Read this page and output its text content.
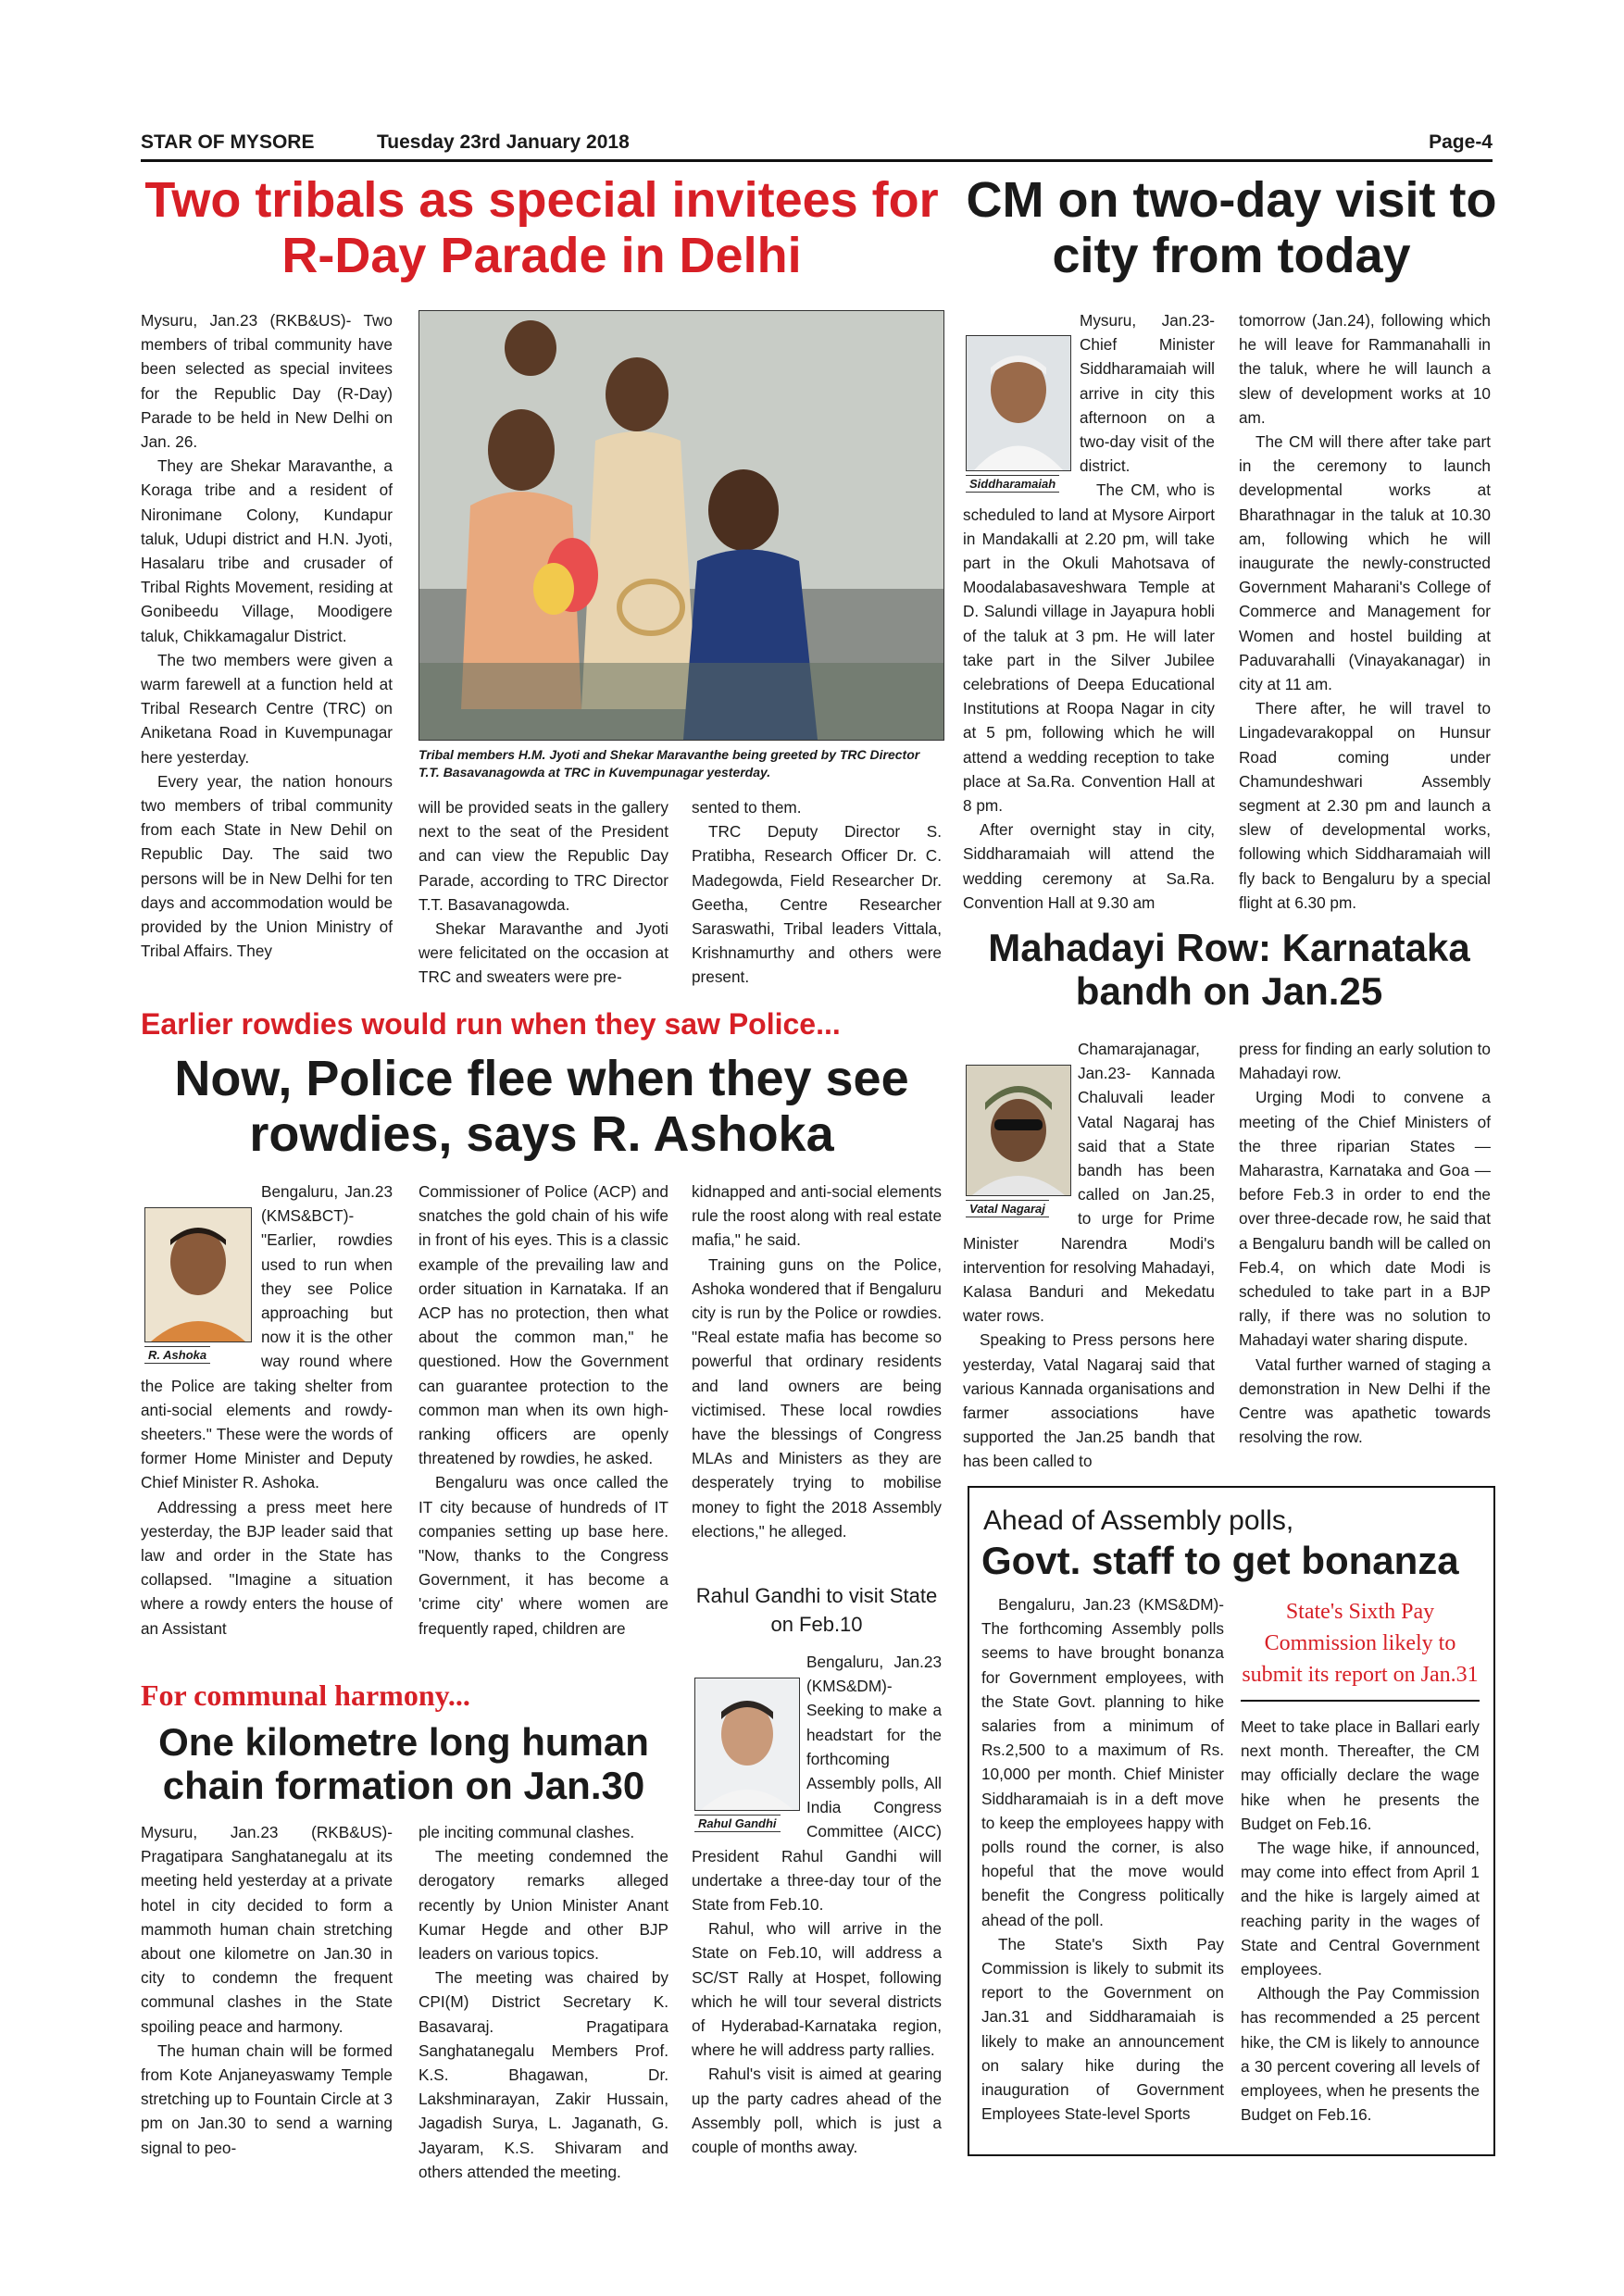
STAR OF MYSORE	Tuesday 23rd January 2018	Page-4
Two tribals as special invitees for R-Day Parade in Delhi

Mysuru, Jan.23 (RKB&US)- Two members of tribal community have been selected as special invitees for the Republic Day (R-Day) Parade to be held in New Delhi on Jan. 26.

They are Shekar Maravanthe, a Koraga tribe and a resident of Nironimane Colony, Kundapur taluk, Udupi district and H.N. Jyoti, Hasalaru tribe and crusader of Tribal Rights Movement, residing at Gonibeedu Village, Moodigere taluk, Chikkamagalur District.

The two members were given a warm farewell at a function held at Tribal Research Centre (TRC) on Aniketana Road in Kuvempunagar here yesterday.

Every year, the nation honours two members of tribal community from each State in New Dehil on Republic Day. The said two persons will be in New Delhi for ten days and accommodation would be provided by the Union Ministry of Tribal Affairs. They

Tribal members H.M. Jyoti and Shekar Maravanthe being greeted by TRC Director T.T. Basavanagowda at TRC in Kuvempunagar yesterday.

will be provided seats in the gallery next to the seat of the President and can view the Republic Day Parade, according to TRC Director T.T. Basavanagowda.

Shekar Maravanthe and Jyoti were felicitated on the occasion at TRC and sweaters were pre-

sented to them.

TRC Deputy Director S. Pratibha, Research Officer Dr. C. Madegowda, Field Researcher Dr. Geetha, Centre Researcher Saraswathi, Tribal leaders Vittala, Krishnamurthy and others were present.

CM on two-day visit to city from today
Siddharamaiah

Mysuru, Jan.23- Chief Minister Siddharamaiah will arrive in city this afternoon on a two-day visit of the district.

The CM, who is scheduled to land at Mysore Airport in Mandakalli at 2.20 pm, will take part in the Okuli Mahotsava of Moodalabasaveshwara Temple at D. Salundi village in Jayapura hobli of the taluk at 3 pm. He will later take part in the Silver Jubilee celebrations of Deepa Educational Institutions at Roopa Nagar in city at 5 pm, following which he will attend a wedding reception to take place at Sa.Ra. Convention Hall at 8 pm.

After overnight stay in city, Siddharamaiah will attend the wedding ceremony at Sa.Ra. Convention Hall at 9.30 am

tomorrow (Jan.24), following which he will leave for Rammanahalli in the taluk, where he will launch a slew of development works at 10 am.

The CM will there after take part in the ceremony to launch developmental works at Bharathnagar in the taluk at 10.30 am, following which he will inaugurate the newly-constructed Government Maharani's College of Commerce and Management for Women and hostel building at Paduvarahalli (Vinayakanagar) in city at 11 am.

There after, he will travel to Lingadevarakoppal on Hunsur Road coming under Chamundeshwari Assembly segment at 2.30 pm and launch a slew of developmental works, following which Siddharamaiah will fly back to Bengaluru by a special flight at 6.30 pm.

Mahadayi Row: Karnataka bandh on Jan.25
Vatal Nagaraj

Chamarajanagar, Jan.23- Kannada Chaluvali leader Vatal Nagaraj has said that a State bandh has been called on Jan.25, to urge for Prime Minister Narendra Modi's intervention for resolving Mahadayi, Kalasa Banduri and Mekedatu water rows.

Speaking to Press persons here yesterday, Vatal Nagaraj said that various Kannada organisations and farmer associations have supported the Jan.25 bandh that has been called to

press for finding an early solution to Mahadayi row.

Urging Modi to convene a meeting of the Chief Ministers of the three riparian States — Maharastra, Karnataka and Goa — before Feb.3 in order to end the over three-decade row, he said that a Bengaluru bandh will be called on Feb.4, on which date Modi is scheduled to take part in a BJP rally, if there was no solution to Mahadayi water sharing dispute.

Vatal further warned of staging a demonstration in New Delhi if the Centre was apathetic towards resolving the row.

Earlier rowdies would run when they saw Police...
Now, Police flee when they see rowdies, says R. Ashoka
R. Ashoka

Bengaluru, Jan.23 (KMS&BCT)- "Earlier, rowdies used to run when they see Police approaching but now it is the other way round where the Police are taking shelter from anti-social elements and rowdy-sheeters." These were the words of former Home Minister and Deputy Chief Minister R. Ashoka.

Addressing a press meet here yesterday, the BJP leader said that law and order in the State has collapsed. "Imagine a situation where a rowdy enters the house of an Assistant

Commissioner of Police (ACP) and snatches the gold chain of his wife in front of his eyes. This is a classic example of the prevailing law and order situation in Karnataka. If an ACP has no protection, then what about the common man," he questioned. How the Government can guarantee protection to the common man when its own high-ranking officers are openly threatened by rowdies, he asked.

Bengaluru was once called the IT city because of hundreds of IT companies setting up base here. "Now, thanks to the Congress Government, it has become a 'crime city' where women are frequently raped, children are

kidnapped and anti-social elements rule the roost along with real estate mafia," he said.

Training guns on the Police, Ashoka wondered that if Bengaluru city is run by the Police or rowdies. "Real estate mafia has become so powerful that ordinary residents and land owners are being victimised. These local rowdies have the blessings of Congress MLAs and Ministers as they are desperately trying to mobilise money to fight the 2018 Assembly elections," he alleged.

For communal harmony...
One kilometre long human chain formation on Jan.30

Mysuru, Jan.23 (RKB&US)- Pragatipara Sanghatanegalu at its meeting held yesterday at a private hotel in city decided to form a mammoth human chain stretching about one kilometre on Jan.30 in city to condemn the frequent communal clashes in the State spoiling peace and harmony.

The human chain will be formed from Kote Anjaneyaswamy Temple stretching up to Fountain Circle at 3 pm on Jan.30 to send a warning signal to peo-

ple inciting communal clashes.

The meeting condemned the derogatory remarks alleged recently by Union Minister Anant Kumar Hegde and other BJP leaders on various topics.

The meeting was chaired by CPI(M) District Secretary K. Basavaraj. Pragatipara Sanghatanegalu Members Prof. K.S. Bhagawan, Dr. Lakshminarayan, Zakir Hussain, Jagadish Surya, L. Jaganath, G. Jayaram, K.S. Shivaram and others attended the meeting.

Rahul Gandhi to visit State on Feb.10
Rahul Gandhi

Bengaluru, Jan.23 (KMS&DM)- Seeking to make a headstart for the forthcoming Assembly polls, All India Congress Committee (AICC) President Rahul Gandhi will undertake a three-day tour of the State from Feb.10.

Rahul, who will arrive in the State on Feb.10, will address a SC/ST Rally at Hospet, following which he will tour several districts of Hyderabad-Karnataka region, where he will address party rallies.

Rahul's visit is aimed at gearing up the party cadres ahead of the Assembly poll, which is just a couple of months away.

Ahead of Assembly polls,
Govt. staff to get bonanza

Bengaluru, Jan.23 (KMS&DM)- The forthcoming Assembly polls seems to have brought bonanza for Government employees, with the State Govt. planning to hike salaries from a minimum of Rs.2,500 to a maximum of Rs. 10,000 per month. Chief Minister Siddharamaiah is in a deft move to keep the employees happy with polls round the corner, is also hopeful that the move would benefit the Congress politically ahead of the poll.

The State's Sixth Pay Commission is likely to submit its report to the Government on Jan.31 and Siddharamaiah is likely to make an announcement on salary hike during the inauguration of Government Employees State-level Sports

State's Sixth Pay Commission likely to submit its report on Jan.31

Meet to take place in Ballari early next month. Thereafter, the CM may officially declare the wage hike when he presents the Budget on Feb.16.

The wage hike, if announced, may come into effect from April 1 and the hike is largely aimed at reaching parity in the wages of State and Central Government employees.

Although the Pay Commission has recommended a 25 percent hike, the CM is likely to announce a 30 percent covering all levels of employees, when he presents the Budget on Feb.16.
